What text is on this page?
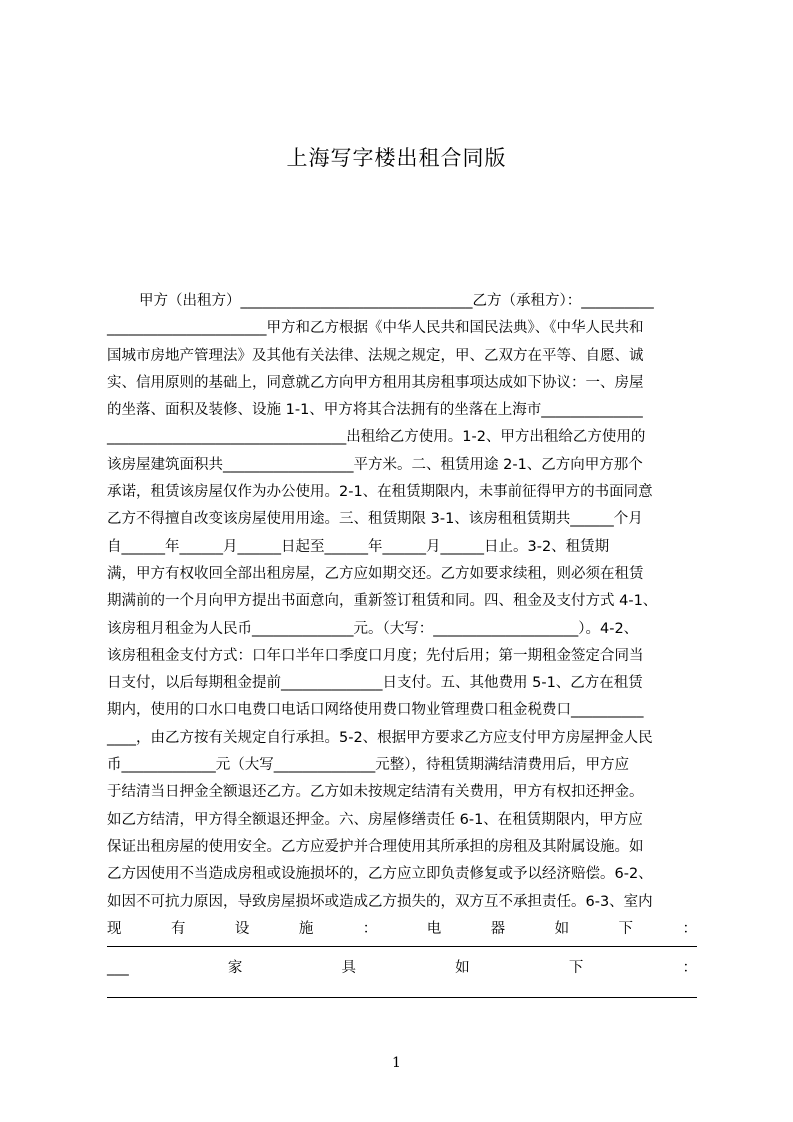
上海写字楼出租合同版
甲方（出租方）________________________________乙方（承租方）：__________
______________________甲方和乙方根据《中华人民共和国民法典》、《中华人民共和
国城市房地产管理法》及其他有关法律、法规之规定，甲、乙双方在平等、自愿、诚
实、信用原则的基础上，同意就乙方向甲方租用其房租事项达成如下协议：一、房屋
的坐落、面积及装修、设施 1-1、甲方将其合法拥有的坐落在上海市______________
_________________________________出租给乙方使用。1-2、甲方出租给乙方使用的
该房屋建筑面积共__________________平方米。二、租赁用途 2-1、乙方向甲方那个
承诺，租赁该房屋仅作为办公使用。2-1、在租赁期限内，未事前征得甲方的书面同意
乙方不得擅自改变该房屋使用用途。三、租赁期限 3-1、该房租租赁期共______个月
自______年______月______日起至______年______月______日止。3-2、租赁期
满，甲方有权收回全部出租房屋，乙方应如期交还。乙方如要求续租，则必须在租赁
期满前的一个月向甲方提出书面意向，重新签订租赁和同。四、租金及支付方式 4-1、
该房租月租金为人民币______________元。（大写：____________________）。4-2、
该房租租金支付方式：口年口半年口季度口月度；先付后用；第一期租金签定合同当
日支付，以后每期租金提前______________日支付。五、其他费用 5-1、乙方在租赁
期内，使用的口水口电费口电话口网络使用费口物业管理费口租金税费口__________
____，由乙方按有关规定自行承担。5-2、根据甲方要求乙方应支付甲方房屋押金人民
币_____________元（大写______________元整），待租赁期满结清费用后，甲方应
于结清当日押金全额退还乙方。乙方如未按规定结清有关费用，甲方有权扣还押金。
如乙方结清，甲方得全额退还押金。六、房屋修缮责任 6-1、在租赁期限内，甲方应
保证出租房屋的使用安全。乙方应爱护并合理使用其所承担的房租及其附属设施。如
乙方因使用不当造成房租或设施损坏的，乙方应立即负责修复或予以经济赔偿。6-2、
如因不可抗力原因，导致房屋损坏或造成乙方损失的，双方互不承担责任。6-3、室内
现	有	设	施	：	电	器	如	下	：
___	家	具	如	下	：
1
